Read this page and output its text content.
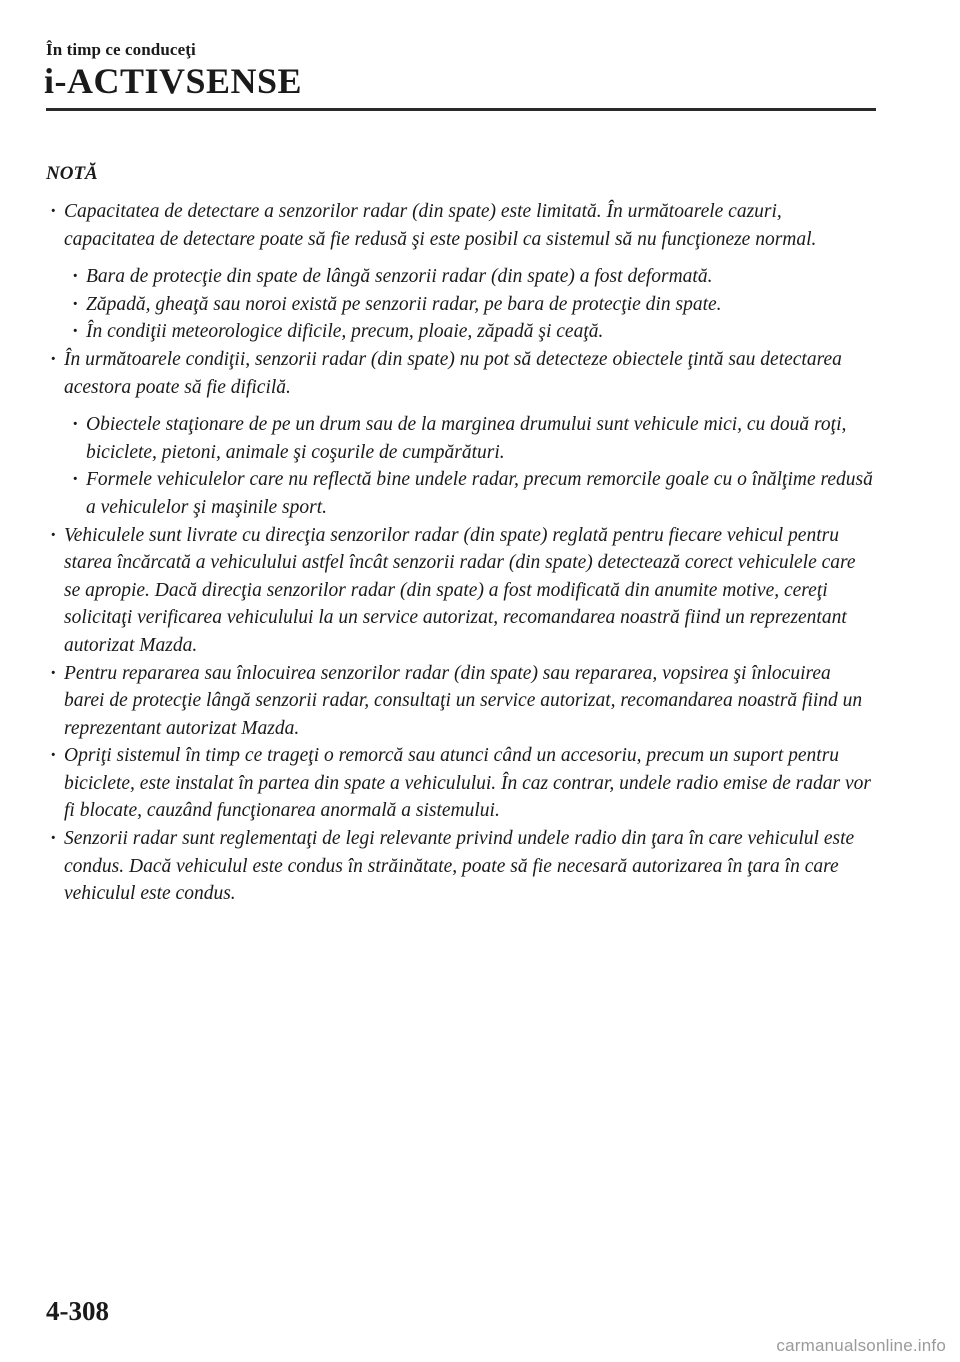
În timp ce conduceţi
i-ACTIVSENSE
NOTĂ
· Capacitatea de detectare a senzorilor radar (din spate) este limitată. În următoarele cazuri, capacitatea de detectare poate să fie redusă şi este posibil ca sistemul să nu funcţioneze normal.
· Bara de protecţie din spate de lângă senzorii radar (din spate) a fost deformată.
· Zăpadă, gheaţă sau noroi există pe senzorii radar, pe bara de protecţie din spate.
· În condiţii meteorologice dificile, precum, ploaie, zăpadă şi ceaţă.
· În următoarele condiţii, senzorii radar (din spate) nu pot să detecteze obiectele ţintă sau detectarea acestora poate să fie dificilă.
· Obiectele staţionare de pe un drum sau de la marginea drumului sunt vehicule mici, cu două roţi, biciclete, pietoni, animale şi coşurile de cumpărături.
· Formele vehiculelor care nu reflectă bine undele radar, precum remorcile goale cu o înălţime redusă a vehiculelor şi maşinile sport.
· Vehiculele sunt livrate cu direcţia senzorilor radar (din spate) reglată pentru fiecare vehicul pentru starea încărcată a vehiculului astfel încât senzorii radar (din spate) detectează corect vehiculele care se apropie. Dacă direcţia senzorilor radar (din spate) a fost modificată din anumite motive, cereţi solicitaţi verificarea vehiculului la un service autorizat, recomandarea noastră fiind un reprezentant autorizat Mazda.
· Pentru repararea sau înlocuirea senzorilor radar (din spate) sau repararea, vopsirea şi înlocuirea barei de protecţie lângă senzorii radar, consultaţi un service autorizat, recomandarea noastră fiind un reprezentant autorizat Mazda.
· Opriţi sistemul în timp ce trageţi o remorcă sau atunci când un accesoriu, precum un suport pentru biciclete, este instalat în partea din spate a vehiculului. În caz contrar, undele radio emise de radar vor fi blocate, cauzând funcţionarea anormală a sistemului.
· Senzorii radar sunt reglementaţi de legi relevante privind undele radio din ţara în care vehiculul este condus. Dacă vehiculul este condus în străinătate, poate să fie necesară autorizarea în ţara în care vehiculul este condus.
4-308
carmanualsonline.info
